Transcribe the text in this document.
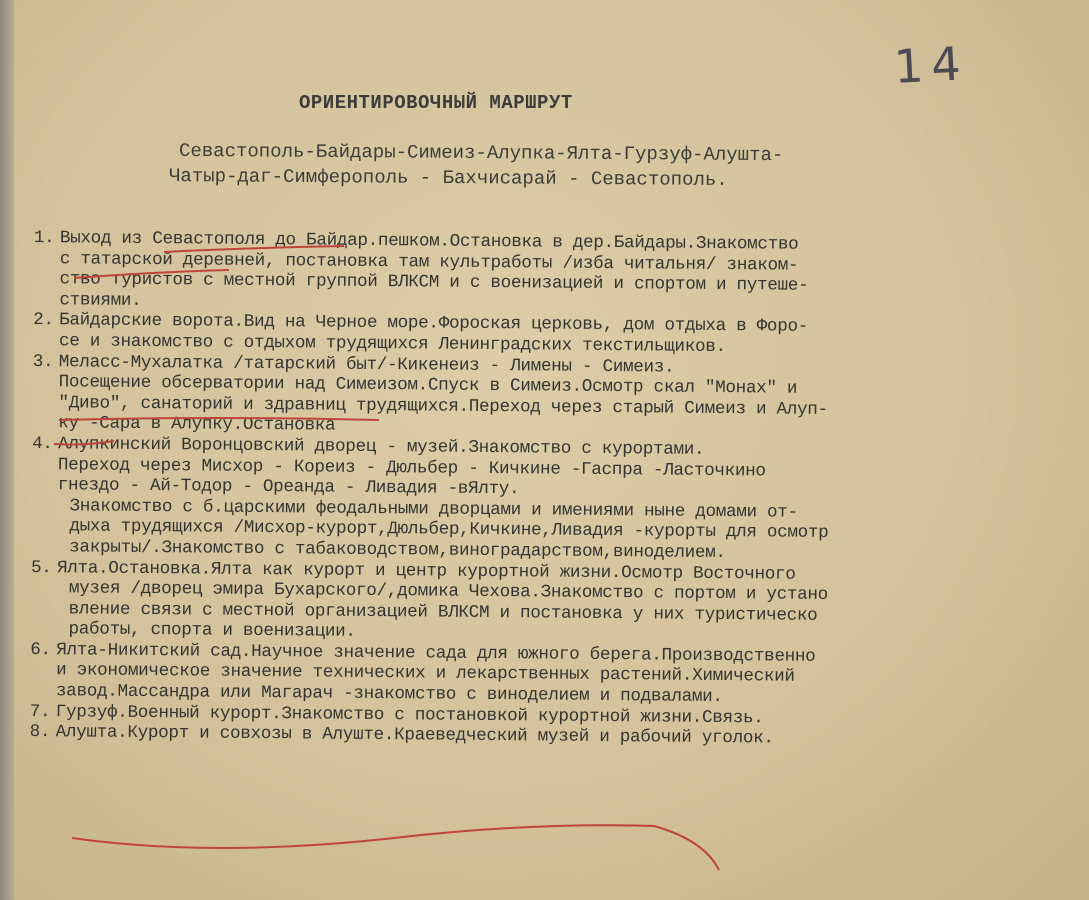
14
ОРИЕНТИРОВОЧНЫЙ МАРШРУТ
Севастополь-Байдары-Симеиз-Алупка-Ялта-Гурзуф-Алушта-
Чатыр-даг-Симферополь - Бахчисарай - Севастополь.
1. Выход из Севастополя до Байдар.пешком.Остановка в дер.Байдары.Знакомство
с татарской деревней, постановка там культработы /изба читальня/ знаком-
ство туристов с местной группой ВЛКСМ и с военизацией и спортом и путеше-
ствиями.
2. Байдарские ворота.Вид на Черное море.Фороская церковь, дом отдыха в Форо-
се и знакомство с отдыхом трудящихся Ленинградских текстильщиков.
3. Меласс-Мухалатка /татарский быт/-Кикенеиз - Лимены - Симеиз.
Посещение обсерватории над Симеизом.Спуск в Симеиз.Осмотр скал "Монах" и
"Диво", санаторий и здравниц трудящихся.Переход через старый Симеиз и Алуп-
ку -Сара в Алупку.Остановка
4. Алупкинский Воронцовский дворец - музей.Знакомство с курортами.
Переход через Мисхор - Кореиз - Дюльбер - Кичкине -Гаспра -Ласточкино
гнездо - Ай-Тодор - Ореанда - Ливадия -вЯлту.
Знакомство с б.царскими феодальными дворцами и имениями ныне домами от-
дыха трудящихся /Мисхор-курорт,Дюльбер,Кичкине,Ливадия -курорты для осмотр
закрыты/.Знакомство с табаководством,виноградарством,виноделием.
5. Ялта.Остановка.Ялта как курорт и центр курортной жизни.Осмотр Восточного
музея /дворец эмира Бухарского/,домика Чехова.Знакомство с портом и устано
вление связи с местной организацией ВЛКСМ и постановка у них туристическо
работы, спорта и военизации.
6. Ялта-Никитский сад.Научное значение сада для южного берега.Производственно
и экономическое значение технических и лекарственных растений.Химический
завод.Массандра или Магарач -знакомство с виноделием и подвалами.
7. Гурзуф.Военный курорт.Знакомство с постановкой курортной жизни.Связь.
8. Алушта.Курорт и совхозы в Алуште.Краеведческий музей и рабочий уголок.
